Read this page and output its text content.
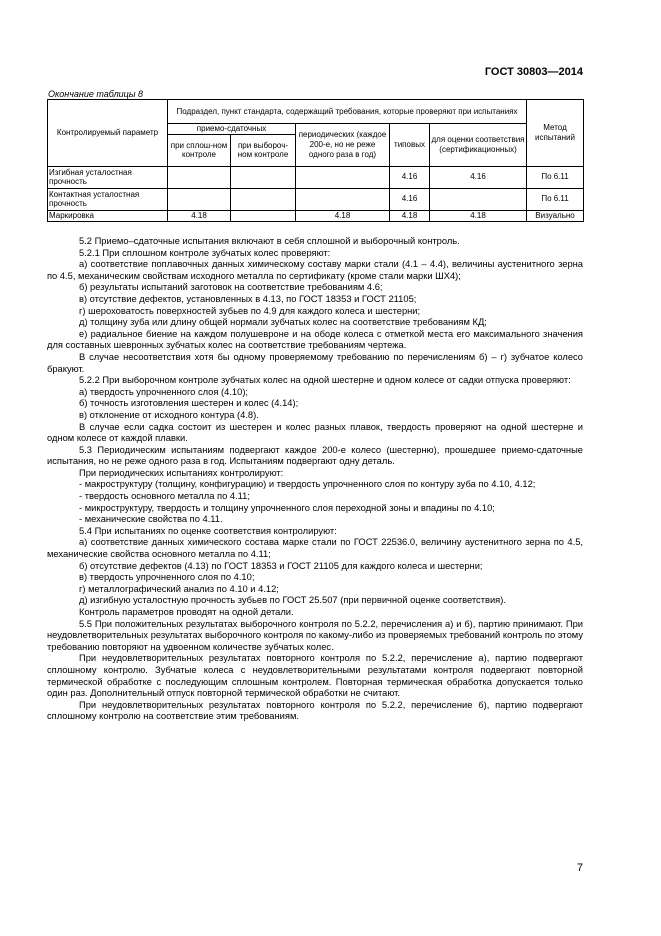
ГОСТ 30803—2014
Окончание таблицы 8
Контролируемый параметр	Подраздел, пункт стандарта, содержащий требования, которые проверяют при испытаниях					Метод испытаний
	приемо-сдаточных		периодических (каждое 200-е, но не реже одного раза в год)	типовых	для оценки соответствия (сертификационных)	
	при сплош-ном контроле	при выбороч-ном контроле				
Изгибная усталостная прочность				4.16	4.16	По 6.11
Контактная усталостная прочность				4.16		По 6.11
Маркировка	4.18		4.18	4.18	4.18	Визуально

5.2 Приемо–сдаточные испытания включают в себя сплошной и выборочный контроль.

5.2.1 При сплошном контроле зубчатых колес проверяют:

а) соответствие поплавочных данных химическому составу марки стали (4.1 – 4.4), величины аустенитного зерна по 4.5, механическим свойствам исходного металла по сертификату (кроме стали марки ШХ4);

б) результаты испытаний заготовок на соответствие требованиям 4.6;

в) отсутствие дефектов, установленных в 4.13, по ГОСТ 18353 и ГОСТ 21105;

г) шероховатость поверхностей зубьев по 4.9 для каждого колеса и шестерни;

д) толщину зуба или длину общей нормали зубчатых колес на соответствие требованиям КД;

е) радиальное биение на каждом полушевроне и на ободе колеса с отметкой места его максимального значения для составных шевронных зубчатых колес на соответствие требованиям чертежа.

В случае несоответствия хотя бы одному проверяемому требованию по перечислениям б) – г) зубчатое колесо бракуют.

5.2.2 При выборочном контроле зубчатых колес на одной шестерне и одном колесе от садки отпуска проверяют:

а) твердость упрочненного слоя (4.10);

б) точность изготовления шестерен и колес (4.14);

в) отклонение от исходного контура (4.8).

В случае если садка состоит из шестерен и колес разных плавок, твердость проверяют на одной шестерне и одном колесе от каждой плавки.

5.3 Периодическим испытаниям подвергают каждое 200-е колесо (шестерню), прошедшее приемо-сдаточные испытания, но не реже одного раза в год. Испытаниям подвергают одну деталь.

При периодических испытаниях контролируют:

- макроструктуру (толщину, конфигурацию) и твердость упрочненного слоя по контуру зуба по 4.10, 4.12;

- твердость основного металла по 4.11;

- микроструктуру, твердость и толщину упрочненного слоя переходной зоны и впадины по 4.10;

- механические свойства по 4.11.

5.4 При испытаниях по оценке соответствия контролируют:

а) соответствие данных химического состава марке стали по ГОСТ 22536.0, величину аустенитного зерна по 4.5, механические свойства основного металла по 4.11;

б) отсутствие дефектов (4.13) по ГОСТ 18353 и ГОСТ 21105 для каждого колеса и шестерни;

в) твердость упрочненного слоя по 4.10;

г) металлографический анализ по 4.10 и 4.12;

д) изгибную усталостную прочность зубьев по ГОСТ 25.507 (при первичной оценке соответствия).

Контроль параметров проводят на одной детали.

5.5 При положительных результатах выборочного контроля по 5.2.2, перечисления а) и б), партию принимают. При неудовлетворительных результатах выборочного контроля по какому-либо из проверяемых требований контроль по этому требованию повторяют на удвоенном количестве зубчатых колес.

При неудовлетворительных результатах повторного контроля по 5.2.2, перечисление а), партию подвергают сплошному контролю. Зубчатые колеса с неудовлетворительными результатами контроля подвергают повторной термической обработке с последующим сплошным контролем. Повторная термическая обработка допускается только один раз. Дополнительный отпуск повторной термической обработки не считают.

При неудовлетворительных результатах повторного контроля по 5.2.2, перечисление б), партию подвергают сплошному контролю на соответствие этим требованиям.

7
